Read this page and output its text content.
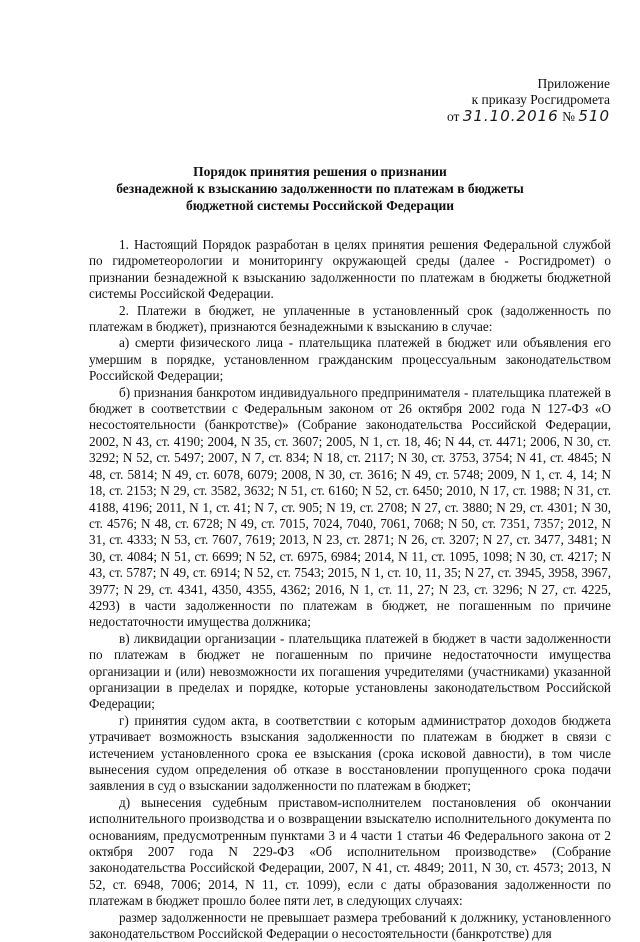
Приложение
к приказу Росгидромета
от 31.10.2016 № 510
Порядок принятия решения о признании
безнадежной к взысканию задолженности по платежам в бюджеты
бюджетной системы Российской Федерации

1. Настоящий Порядок разработан в целях принятия решения Федеральной службой по гидрометеорологии и мониторингу окружающей среды (далее - Росгидромет) о признании безнадежной к взысканию задолженности по платежам в бюджеты бюджетной системы Российской Федерации.

2. Платежи в бюджет, не уплаченные в установленный срок (задолженность по платежам в бюджет), признаются безнадежными к взысканию в случае:

а) смерти физического лица - плательщика платежей в бюджет или объявления его умершим в порядке, установленном гражданским процессуальным законодательством Российской Федерации;

б) признания банкротом индивидуального предпринимателя - плательщика платежей в бюджет в соответствии с Федеральным законом от 26 октября 2002 года N 127-ФЗ «О несостоятельности (банкротстве)» (Собрание законодательства Российской Федерации, 2002, N 43, ст. 4190; 2004, N 35, ст. 3607; 2005, N 1, ст. 18, 46; N 44, ст. 4471; 2006, N 30, ст. 3292; N 52, ст. 5497; 2007, N 7, ст. 834; N 18, ст. 2117; N 30, ст. 3753, 3754; N 41, ст. 4845; N 48, ст. 5814; N 49, ст. 6078, 6079; 2008, N 30, ст. 3616; N 49, ст. 5748; 2009, N 1, ст. 4, 14; N 18, ст. 2153; N 29, ст. 3582, 3632; N 51, ст. 6160; N 52, ст. 6450; 2010, N 17, ст. 1988; N 31, ст. 4188, 4196; 2011, N 1, ст. 41; N 7, ст. 905; N 19, ст. 2708; N 27, ст. 3880; N 29, ст. 4301; N 30, ст. 4576; N 48, ст. 6728; N 49, ст. 7015, 7024, 7040, 7061, 7068; N 50, ст. 7351, 7357; 2012, N 31, ст. 4333; N 53, ст. 7607, 7619; 2013, N 23, ст. 2871; N 26, ст. 3207; N 27, ст. 3477, 3481; N 30, ст. 4084; N 51, ст. 6699; N 52, ст. 6975, 6984; 2014, N 11, ст. 1095, 1098; N 30, ст. 4217; N 43, ст. 5787; N 49, ст. 6914; N 52, ст. 7543; 2015, N 1, ст. 10, 11, 35; N 27, ст. 3945, 3958, 3967, 3977; N 29, ст. 4341, 4350, 4355, 4362; 2016, N 1, ст. 11, 27; N 23, ст. 3296; N 27, ст. 4225, 4293) в части задолженности по платежам в бюджет, не погашенным по причине недостаточности имущества должника;

в) ликвидации организации - плательщика платежей в бюджет в части задолженности по платежам в бюджет не погашенным по причине недостаточности имущества организации и (или) невозможности их погашения учредителями (участниками) указанной организации в пределах и порядке, которые установлены законодательством Российской Федерации;

г) принятия судом акта, в соответствии с которым администратор доходов бюджета утрачивает возможность взыскания задолженности по платежам в бюджет в связи с истечением установленного срока ее взыскания (срока исковой давности), в том числе вынесения судом определения об отказе в восстановлении пропущенного срока подачи заявления в суд о взыскании задолженности по платежам в бюджет;

д) вынесения судебным приставом-исполнителем постановления об окончании исполнительного производства и о возвращении взыскателю исполнительного документа по основаниям, предусмотренным пунктами 3 и 4 части 1 статьи 46 Федерального закона от 2 октября 2007 года N 229-ФЗ «Об исполнительном производстве» (Собрание законодательства Российской Федерации, 2007, N 41, ст. 4849; 2011, N 30, ст. 4573; 2013, N 52, ст. 6948, 7006; 2014, N 11, ст. 1099), если с даты образования задолженности по платежам в бюджет прошло более пяти лет, в следующих случаях:

размер задолженности не превышает размера требований к должнику, установленного законодательством Российской Федерации о несостоятельности (банкротстве) для
